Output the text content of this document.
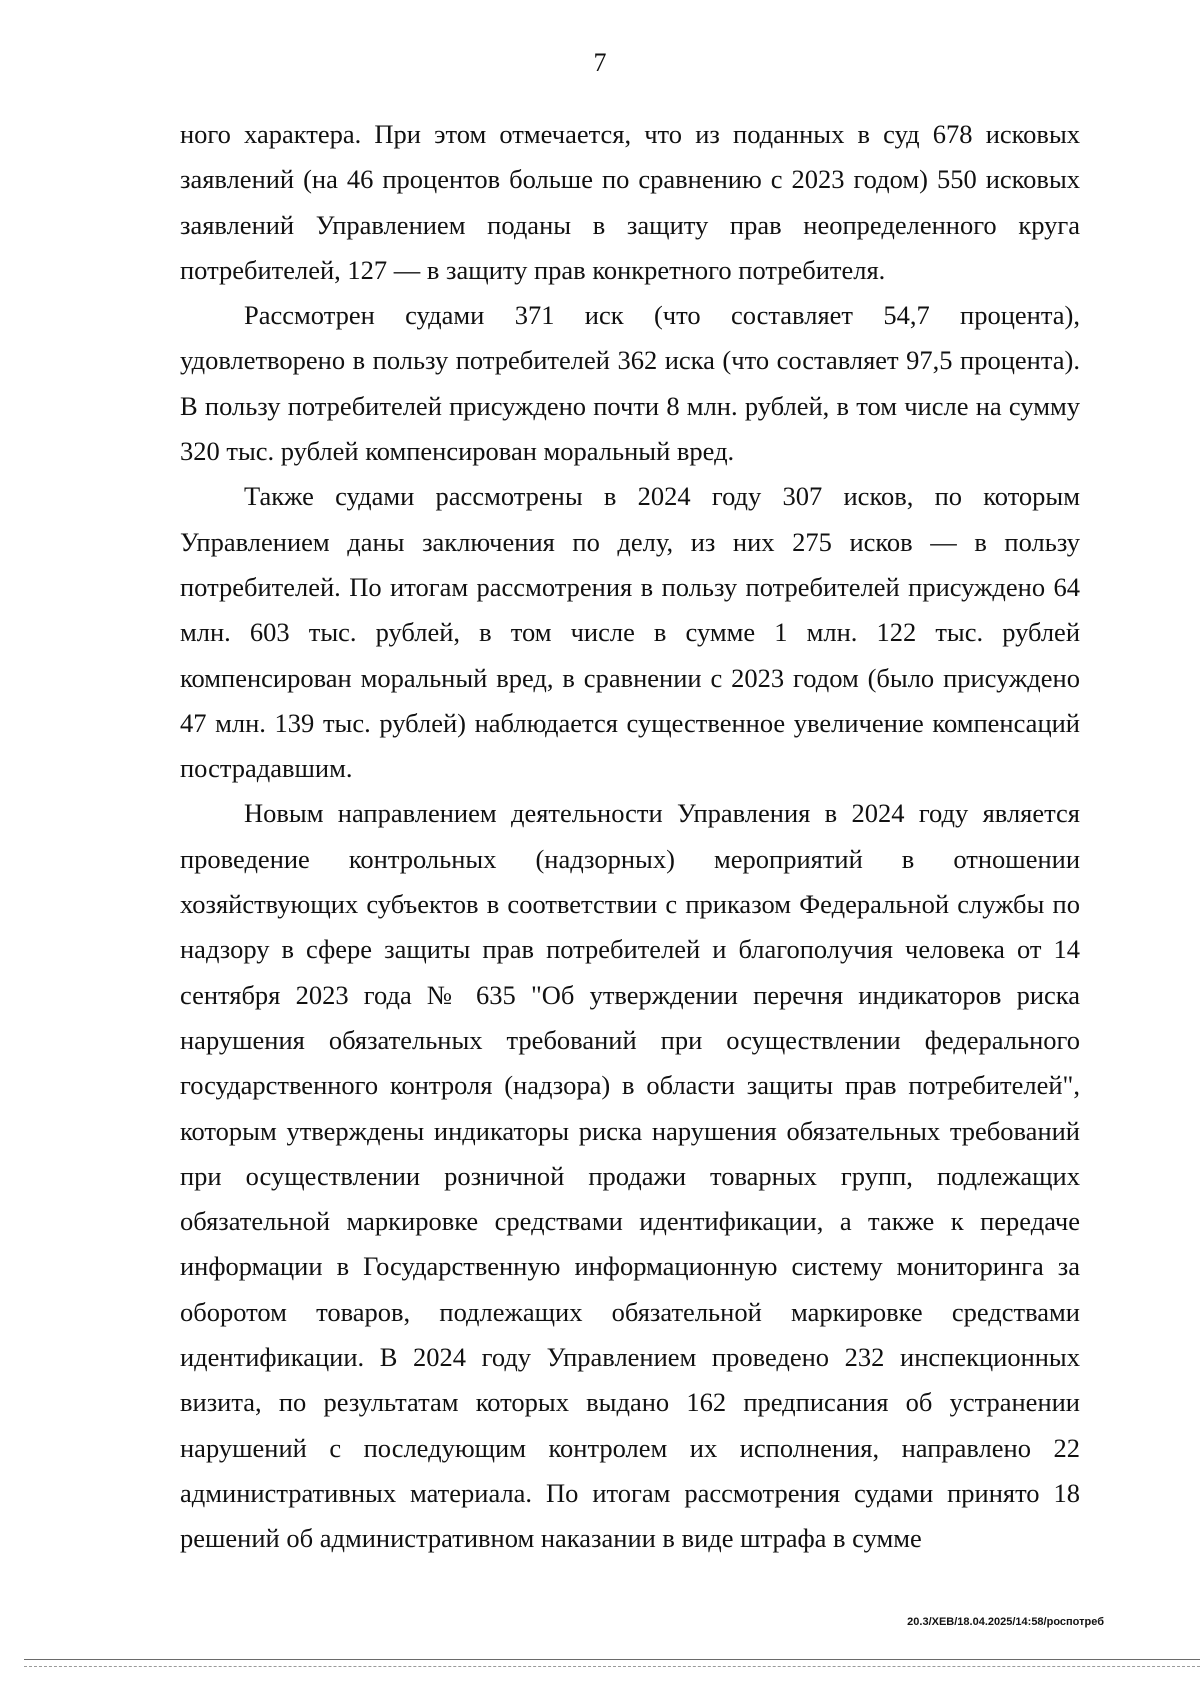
7

ного характера. При этом отмечается, что из поданных в суд 678 исковых заявлений (на 46 процентов больше по сравнению с 2023 годом) 550 исковых заявлений Управлением поданы в защиту прав неопределенного круга потребителей, 127 — в защиту прав конкретного потребителя.

Рассмотрен судами 371 иск (что составляет 54,7 процента), удовлетворено в пользу потребителей 362 иска (что составляет 97,5 процента). В пользу потребителей присуждено почти 8 млн. рублей, в том числе на сумму 320 тыс. рублей компенсирован моральный вред.

Также судами рассмотрены в 2024 году 307 исков, по которым Управлением даны заключения по делу, из них 275 исков — в пользу потребителей. По итогам рассмотрения в пользу потребителей присуждено 64 млн. 603 тыс. рублей, в том числе в сумме 1 млн. 122 тыс. рублей компенсирован моральный вред, в сравнении с 2023 годом (было присуждено 47 млн. 139 тыс. рублей) наблюдается существенное увеличение компенсаций пострадавшим.

Новым направлением деятельности Управления в 2024 году является проведение контрольных (надзорных) мероприятий в отношении хозяйствующих субъектов в соответствии с приказом Федеральной службы по надзору в сфере защиты прав потребителей и благополучия человека от 14 сентября 2023 года № 635 "Об утверждении перечня индикаторов риска нарушения обязательных требований при осуществлении федерального государственного контроля (надзора) в области защиты прав потребителей", которым утверждены индикаторы риска нарушения обязательных требований при осуществлении розничной продажи товарных групп, подлежащих обязательной маркировке средствами идентификации, а также к передаче информации в Государственную информационную систему мониторинга за оборотом товаров, подлежащих обязательной маркировке средствами идентификации. В 2024 году Управлением проведено 232 инспекционных визита, по результатам которых выдано 162 предписания об устранении нарушений с последующим контролем их исполнения, направлено 22 административных материала. По итогам рассмотрения судами принято 18 решений об административном наказании в виде штрафа в сумме

20.3/ХЕВ/18.04.2025/14:58/роспотреб
